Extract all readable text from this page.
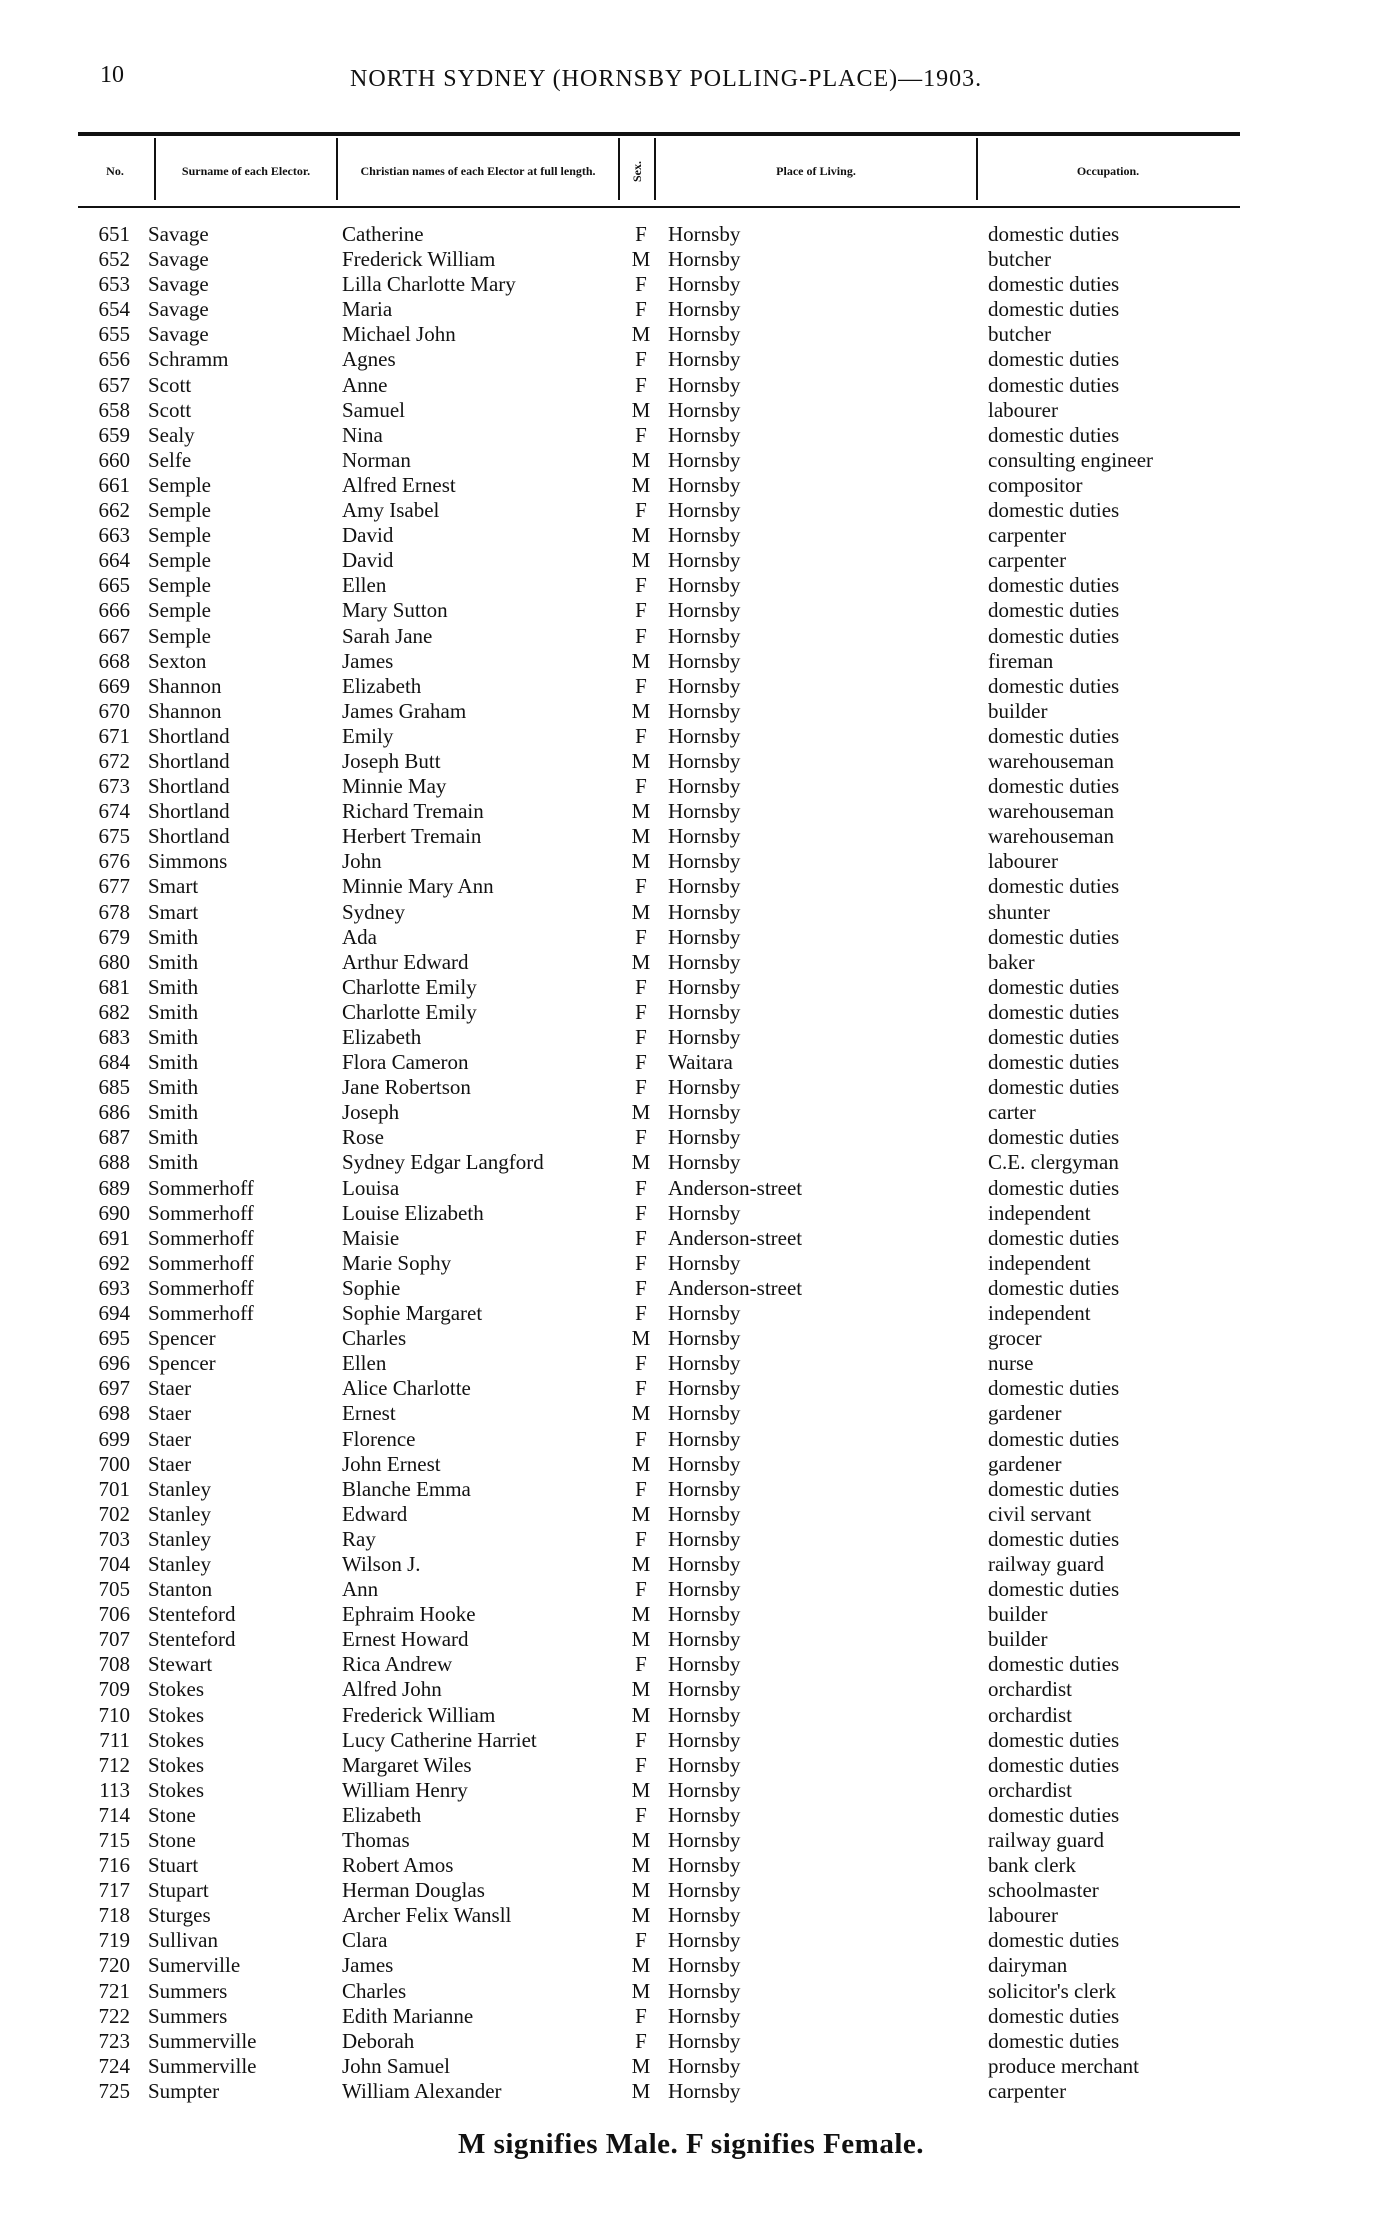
10	NORTH SYDNEY (HORNSBY POLLING-PLACE)—1903.
No.	Surname of each Elector.	Christian names of each Elector at full length.	Sex.	Place of Living.	Occupation.
651 Savage	Catherine	F Hornsby	domestic duties
652 Savage	Frederick William	M Hornsby	butcher
653 Savage	Lilla Charlotte Mary	F Hornsby	domestic duties
654 Savage	Maria	F Hornsby	domestic duties
655 Savage	Michael John	M Hornsby	butcher
656 Schramm	Agnes	F Hornsby	domestic duties
657 Scott	Anne	F Hornsby	domestic duties
658 Scott	Samuel	M Hornsby	labourer
659 Sealy	Nina	F Hornsby	domestic duties
660 Selfe	Norman	M Hornsby	consulting engineer
661 Semple	Alfred Ernest	M Hornsby	compositor
662 Semple	Amy Isabel	F Hornsby	domestic duties
663 Semple	David	M Hornsby	carpenter
664 Semple	David	M Hornsby	carpenter
665 Semple	Ellen	F Hornsby	domestic duties
666 Semple	Mary Sutton	F Hornsby	domestic duties
667 Semple	Sarah Jane	F Hornsby	domestic duties
668 Sexton	James	M Hornsby	fireman
669 Shannon	Elizabeth	F Hornsby	domestic duties
670 Shannon	James Graham	M Hornsby	builder
671 Shortland	Emily	F Hornsby	domestic duties
672 Shortland	Joseph Butt	M Hornsby	warehouseman
673 Shortland	Minnie May	F Hornsby	domestic duties
674 Shortland	Richard Tremain	M Hornsby	warehouseman
675 Shortland	Herbert Tremain	M Hornsby	warehouseman
676 Simmons	John	M Hornsby	labourer
677 Smart	Minnie Mary Ann	F Hornsby	domestic duties
678 Smart	Sydney	M Hornsby	shunter
679 Smith	Ada	F Hornsby	domestic duties
680 Smith	Arthur Edward	M Hornsby	baker
681 Smith	Charlotte Emily	F Hornsby	domestic duties
682 Smith	Charlotte Emily	F Hornsby	domestic duties
683 Smith	Elizabeth	F Hornsby	domestic duties
684 Smith	Flora Cameron	F Waitara	domestic duties
685 Smith	Jane Robertson	F Hornsby	domestic duties
686 Smith	Joseph	M Hornsby	carter
687 Smith	Rose	F Hornsby	domestic duties
688 Smith	Sydney Edgar Langford	M Hornsby	C.E. clergyman
689 Sommerhoff	Louisa	F Anderson-street	domestic duties
690 Sommerhoff	Louise Elizabeth	F Hornsby	independent
691 Sommerhoff	Maisie	F Anderson-street	domestic duties
692 Sommerhoff	Marie Sophy	F Hornsby	independent
693 Sommerhoff	Sophie	F Anderson-street	domestic duties
694 Sommerhoff	Sophie Margaret	F Hornsby	independent
695 Spencer	Charles	M Hornsby	grocer
696 Spencer	Ellen	F Hornsby	nurse
697 Staer	Alice Charlotte	F Hornsby	domestic duties
698 Staer	Ernest	M Hornsby	gardener
699 Staer	Florence	F Hornsby	domestic duties
700 Staer	John Ernest	M Hornsby	gardener
701 Stanley	Blanche Emma	F Hornsby	domestic duties
702 Stanley	Edward	M Hornsby	civil servant
703 Stanley	Ray	F Hornsby	domestic duties
704 Stanley	Wilson J.	M Hornsby	railway guard
705 Stanton	Ann	F Hornsby	domestic duties
706 Stenteford	Ephraim Hooke	M Hornsby	builder
707 Stenteford	Ernest Howard	M Hornsby	builder
708 Stewart	Rica Andrew	F Hornsby	domestic duties
709 Stokes	Alfred John	M Hornsby	orchardist
710 Stokes	Frederick William	M Hornsby	orchardist
711 Stokes	Lucy Catherine Harriet	F Hornsby	domestic duties
712 Stokes	Margaret Wiles	F Hornsby	domestic duties
113 Stokes	William Henry	M Hornsby	orchardist
714 Stone	Elizabeth	F Hornsby	domestic duties
715 Stone	Thomas	M Hornsby	railway guard
716 Stuart	Robert Amos	M Hornsby	bank clerk
717 Stupart	Herman Douglas	M Hornsby	schoolmaster
718 Sturges	Archer Felix Wansll	M Hornsby	labourer
719 Sullivan	Clara	F Hornsby	domestic duties
720 Sumerville	James	M Hornsby	dairyman
721 Summers	Charles	M Hornsby	solicitor's clerk
722 Summers	Edith Marianne	F Hornsby	domestic duties
723 Summerville	Deborah	F Hornsby	domestic duties
724 Summerville	John Samuel	M Hornsby	produce merchant
725 Sumpter	William Alexander	M Hornsby	carpenter
M signifies Male. F signifies Female.
